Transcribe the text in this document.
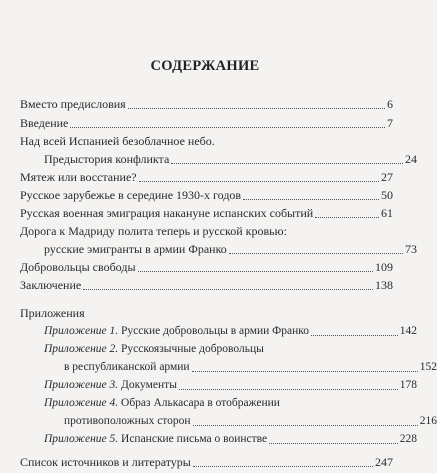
СОДЕРЖАНИЕ
Вместо предисловия	6
Введение	7
Над всей Испанией безоблачное небо.
Предыстория конфликта	24
Мятеж или восстание?	27
Русское зарубежье в середине 1930-х годов	50
Русская военная эмиграция накануне испанских событий	61
Дорога к Мадриду полита теперь и русской кровью:
русские эмигранты в армии Франко	73
Добровольцы свободы	109
Заключение	138
Приложения
Приложение 1. Русские добровольцы в армии Франко	142
Приложение 2. Русскоязычные добровольцы
в республиканской армии	152
Приложение 3. Документы	178
Приложение 4. Образ Алькасара в отображении
противоположных сторон	216
Приложение 5. Испанские письма о воинстве	228
Список источников и литературы	247
